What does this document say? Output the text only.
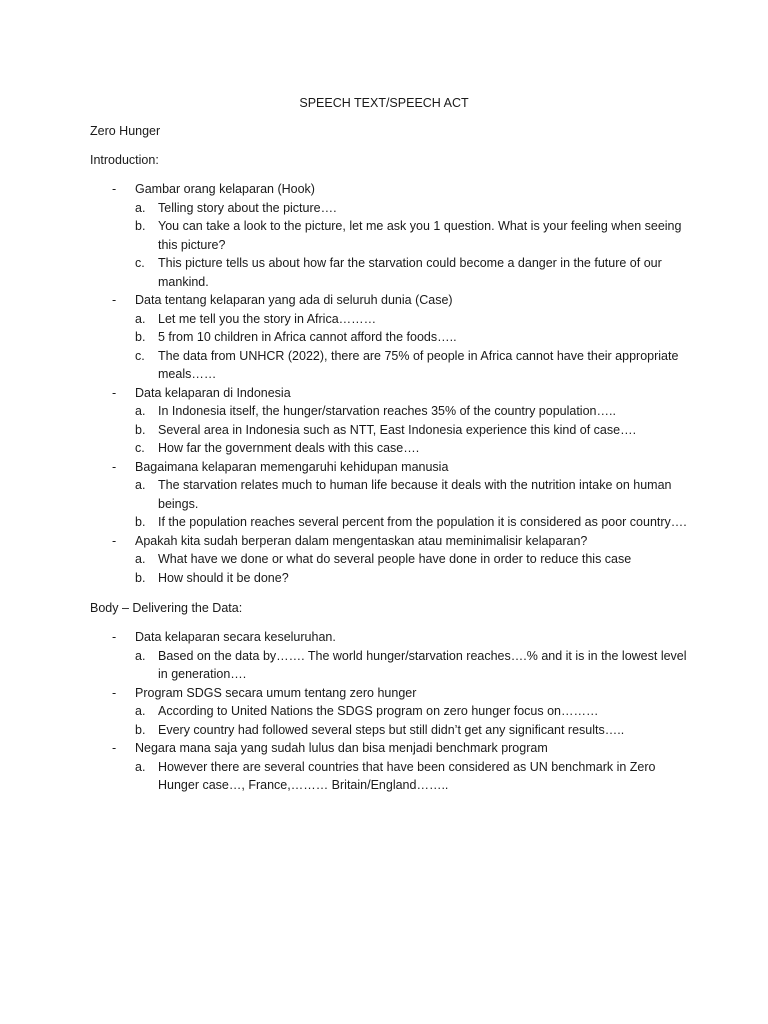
SPEECH TEXT/SPEECH ACT
Zero Hunger
Introduction:
- Gambar orang kelaparan (Hook)
a. Telling story about the picture….
b. You can take a look to the picture, let me ask you 1 question. What is your feeling when seeing this picture?
c. This picture tells us about how far the starvation could become a danger in the future of our mankind.
- Data tentang kelaparan yang ada di seluruh dunia (Case)
a. Let me tell you the story in Africa………
b. 5 from 10 children in Africa cannot afford the foods…..
c. The data from UNHCR (2022), there are 75% of people in Africa cannot have their appropriate meals……
- Data kelaparan di Indonesia
a. In Indonesia itself, the hunger/starvation reaches 35% of the country population…..
b. Several area in Indonesia such as NTT, East Indonesia experience this kind of case….
c. How far the government deals with this case….
- Bagaimana kelaparan memengaruhi kehidupan manusia
a. The starvation relates much to human life because it deals with the nutrition intake on human beings.
b. If the population reaches several percent from the population it is considered as poor country….
- Apakah kita sudah berperan dalam mengentaskan atau meminimalisir kelaparan?
a. What have we done or what do several people have done in order to reduce this case
b. How should it be done?
Body – Delivering the Data:
- Data kelaparan secara keseluruhan.
a. Based on the data by……. The world hunger/starvation reaches….% and it is in the lowest level in generation….
- Program SDGS secara umum tentang zero hunger
a. According to United Nations the SDGS program on zero hunger focus on………
b. Every country had followed several steps but still didn’t get any significant results…..
- Negara mana saja yang sudah lulus dan bisa menjadi benchmark program
a. However there are several countries that have been considered as UN benchmark in Zero Hunger case…, France,……… Britain/England……..
